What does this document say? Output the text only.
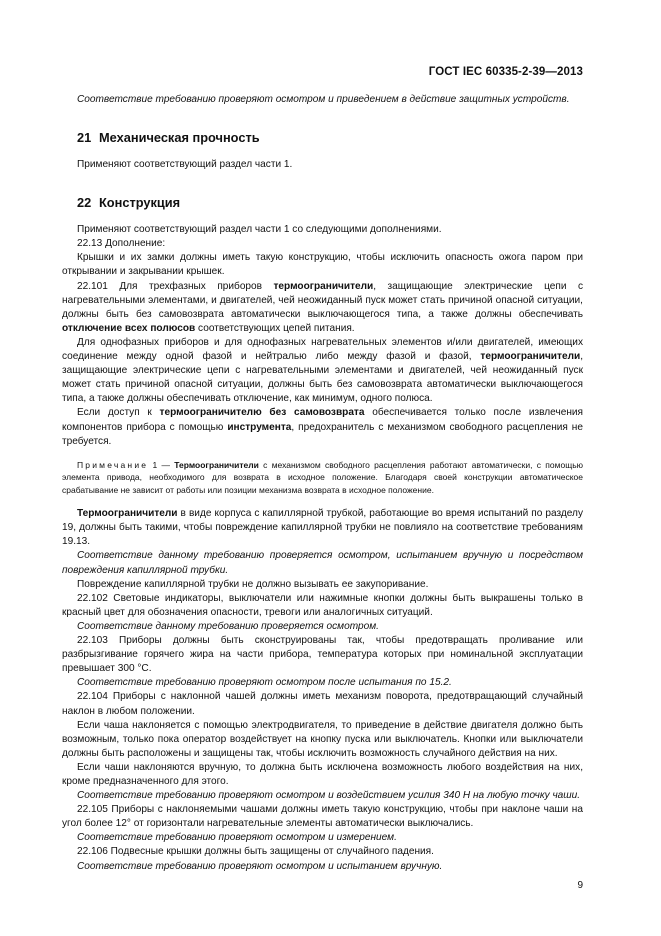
ГОСТ IEC 60335-2-39—2013

Соответствие требованию проверяют осмотром и приведением в действие защитных устройств.

21 Механическая прочность

Применяют соответствующий раздел части 1.

22 Конструкция

Применяют соответствующий раздел части 1 со следующими дополнениями.

22.13 Дополнение:

Крышки и их замки должны иметь такую конструкцию, чтобы исключить опасность ожога паром при открывании и закрывании крышек.

22.101 Для трехфазных приборов термоограничители, защищающие электрические цепи с нагревательными элементами, и двигателей, чей неожиданный пуск может стать причиной опасной ситуации, должны быть без самовозврата автоматически выключающегося типа, а также должны обеспечивать отключение всех полюсов соответствующих цепей питания.

Для однофазных приборов и для однофазных нагревательных элементов и/или двигателей, имеющих соединение между одной фазой и нейтралью либо между фазой и фазой, термоограничители, защищающие электрические цепи с нагревательными элементами и двигателей, чей неожиданный пуск может стать причиной опасной ситуации, должны быть без самовозврата автоматически выключающегося типа, а также должны обеспечивать отключение, как минимум, одного полюса.

Если доступ к термоограничителю без самовозврата обеспечивается только после извлечения компонентов прибора с помощью инструмента, предохранитель с механизмом свободного расцепления не требуется.

Примечание 1 — Термоограничители с механизмом свободного расцепления работают автоматически, с помощью элемента привода, необходимого для возврата в исходное положение. Благодаря своей конструкции автоматическое срабатывание не зависит от работы или позиции механизма возврата в исходное положение.

Термоограничители в виде корпуса с капиллярной трубкой, работающие во время испытаний по разделу 19, должны быть такими, чтобы повреждение капиллярной трубки не повлияло на соответствие требованиям 19.13.

Соответствие данному требованию проверяется осмотром, испытанием вручную и посредством повреждения капиллярной трубки.

Повреждение капиллярной трубки не должно вызывать ее закупоривание.

22.102 Световые индикаторы, выключатели или нажимные кнопки должны быть выкрашены только в красный цвет для обозначения опасности, тревоги или аналогичных ситуаций.

Соответствие данному требованию проверяется осмотром.

22.103 Приборы должны быть сконструированы так, чтобы предотвращать проливание или разбрызгивание горячего жира на части прибора, температура которых при номинальной эксплуатации превышает 300 °С.

Соответствие требованию проверяют осмотром после испытания по 15.2.

22.104 Приборы с наклонной чашей должны иметь механизм поворота, предотвращающий случайный наклон в любом положении.

Если чаша наклоняется с помощью электродвигателя, то приведение в действие двигателя должно быть возможным, только пока оператор воздействует на кнопку пуска или выключатель. Кнопки или выключатели должны быть расположены и защищены так, чтобы исключить возможность случайного действия на них.

Если чаши наклоняются вручную, то должна быть исключена возможность любого воздействия на них, кроме предназначенного для этого.

Соответствие требованию проверяют осмотром и воздействием усилия 340 Н на любую точку чаши.

22.105 Приборы с наклоняемыми чашами должны иметь такую конструкцию, чтобы при наклоне чаши на угол более 12° от горизонтали нагревательные элементы автоматически выключались.

Соответствие требованию проверяют осмотром и измерением.

22.106 Подвесные крышки должны быть защищены от случайного падения.

Соответствие требованию проверяют осмотром и испытанием вручную.

9
